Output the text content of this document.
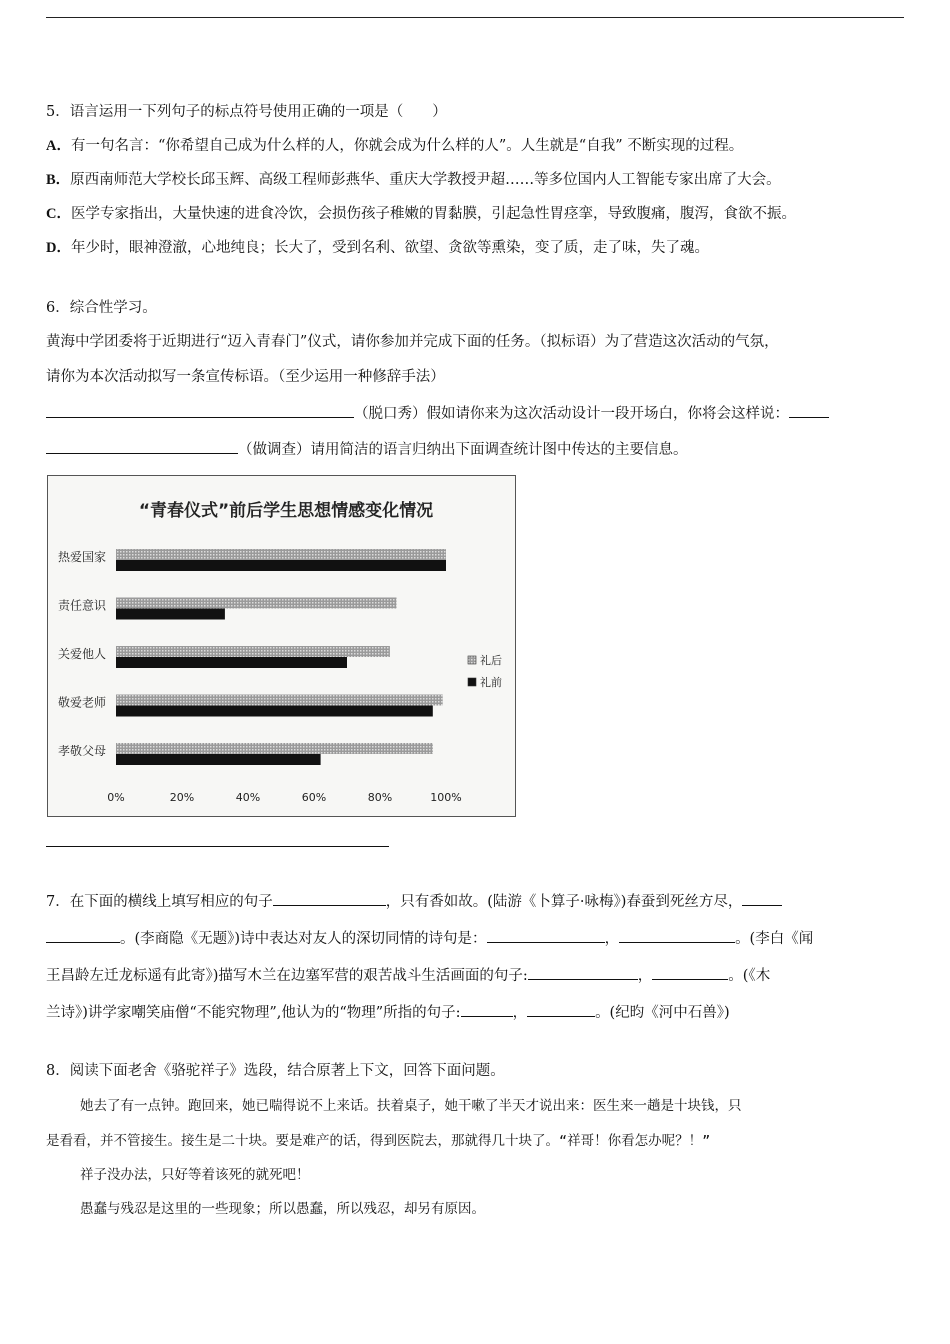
5．语言运用一下列句子的标点符号使用正确的一项是（　　）
A．有一句名言：“你希望自己成为什么样的人，你就会成为什么样的人”。人生就是“自我” 不断实现的过程。
B．原西南师范大学校长邱玉辉、高级工程师彭燕华、重庆大学教授尹超……等多位国内人工智能专家出席了大会。
C．医学专家指出，大量快速的进食冷饮，会损伤孩子稚嫩的胃黏膜，引起急性胃痉挛，导致腹痛，腹泻，食欲不振。
D．年少时，眼神澄澈，心地纯良；长大了，受到名利、欲望、贪欲等熏染，变了质，走了味，失了魂。
6．综合性学习。
黄海中学团委将于近期进行“迈入青春门”仪式，请你参加并完成下面的任务。（拟标语）为了营造这次活动的气氛，
请你为本次活动拟写一条宣传标语。（至少运用一种修辞手法）
（脱口秀）假如请你来为这次活动设计一段开场白，你将会这样说：
（做调查）请用简洁的语言归纳出下面调查统计图中传达的主要信息。
“青春仪式”前后学生思想情感变化情况
热爱国家
责任意识
关爱他人
敬爱老师
孝敬父母
0%	20%	40%	60%	80%	100%
礼后
礼前
7．在下面的横线上填写相应的句子	，只有香如故。(陆游《卜算子·咏梅》)春蚕到死丝方尽，
。(李商隐《无题》)诗中表达对友人的深切同情的诗句是：	，	。(李白《闻
王昌龄左迁龙标遥有此寄》)描写木兰在边塞军营的艰苦战斗生活画面的句子:	，	。(《木
兰诗》)讲学家嘲笑庙僧“不能究物理”,他认为的“物理”所指的句子:	，	。(纪昀《河中石兽》)
8．阅读下面老舍《骆驼祥子》选段，结合原著上下文，回答下面问题。
她去了有一点钟。跑回来，她已喘得说不上来话。扶着桌子，她干嗽了半天才说出来：医生来一趟是十块钱，只
是看看，并不管接生。接生是二十块。要是难产的话，得到医院去，那就得几十块了。“祥哥！你看怎办呢？！”
祥子没办法，只好等着该死的就死吧！
愚蠢与残忍是这里的一些现象；所以愚蠢，所以残忍，却另有原因。
